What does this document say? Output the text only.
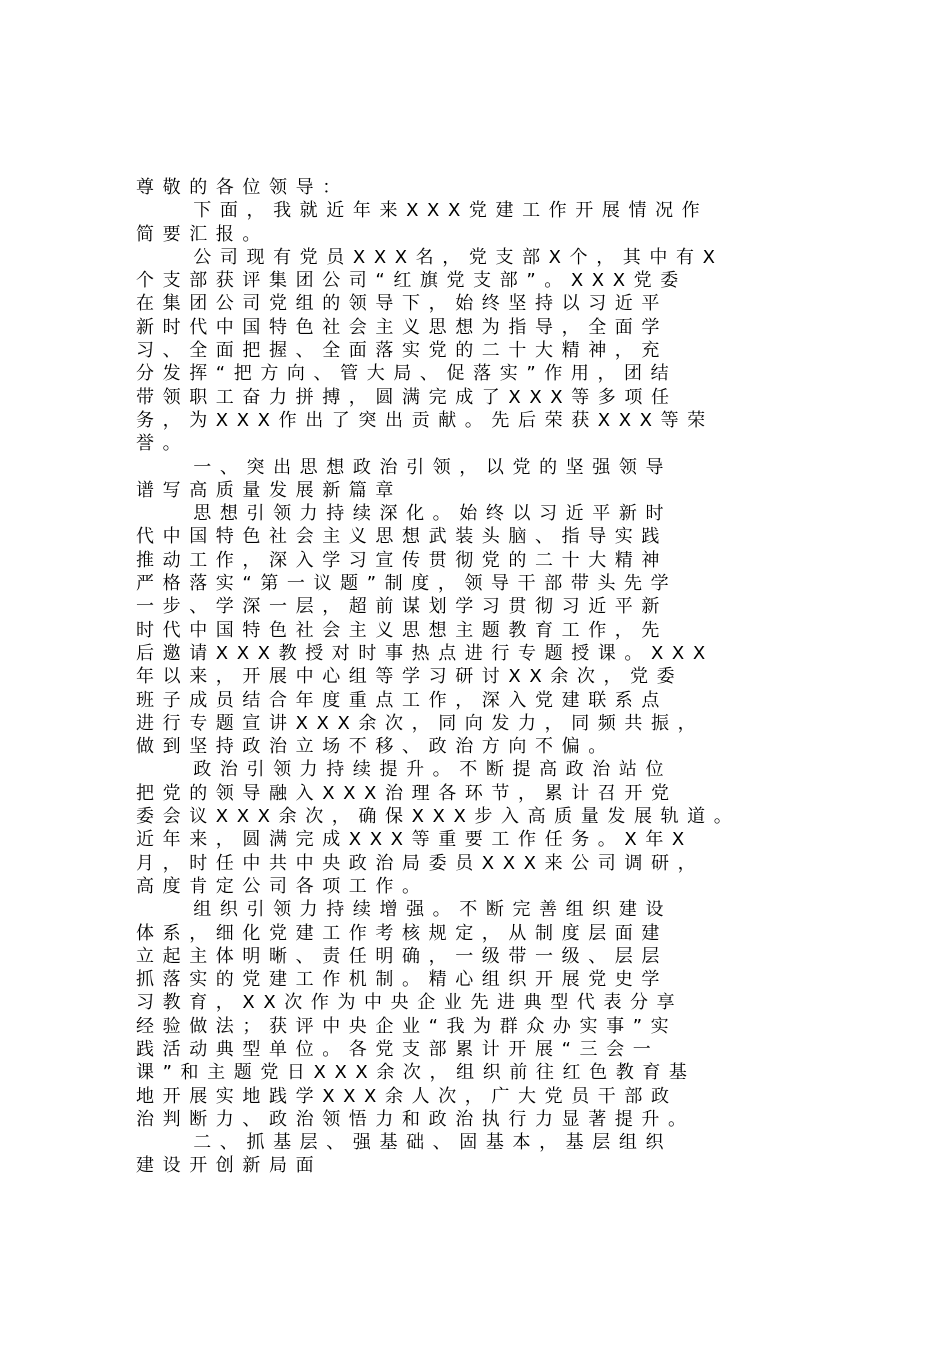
尊敬的各位领导：
下面，我就近年来XXX党建工作开展情况作
简要汇报。
公司现有党员XXX名，党支部X个，其中有X
个支部获评集团公司“红旗党支部”。XXX党委
在集团公司党组的领导下，始终坚持以习近平
新时代中国特色社会主义思想为指导，全面学
习、全面把握、全面落实党的二十大精神，充
分发挥“把方向、管大局、促落实”作用，团结
带领职工奋力拼搏，圆满完成了XXX等多项任
务，为XXX作出了突出贡献。先后荣获XXX等荣
誉。
一、突出思想政治引领，以党的坚强领导
谱写高质量发展新篇章
思想引领力持续深化。始终以习近平新时
代中国特色社会主义思想武装头脑、指导实践
推动工作，深入学习宣传贯彻党的二十大精神
严格落实“第一议题”制度，领导干部带头先学
一步、学深一层，超前谋划学习贯彻习近平新
时代中国特色社会主义思想主题教育工作，先
后邀请XXX教授对时事热点进行专题授课。XXX
年以来，开展中心组等学习研讨XX余次，党委
班子成员结合年度重点工作，深入党建联系点
进行专题宣讲XXX余次，同向发力，同频共振，
做到坚持政治立场不移、政治方向不偏。
政治引领力持续提升。不断提高政治站位
把党的领导融入XXX治理各环节，累计召开党
委会议XXX余次，确保XXX步入高质量发展轨道。
近年来，圆满完成XXX等重要工作任务。X年X
月，时任中共中央政治局委员XXX来公司调研，
高度肯定公司各项工作。
组织引领力持续增强。不断完善组织建设
体系，细化党建工作考核规定，从制度层面建
立起主体明晰、责任明确，一级带一级、层层
抓落实的党建工作机制。精心组织开展党史学
习教育，XX次作为中央企业先进典型代表分享
经验做法；获评中央企业“我为群众办实事”实
践活动典型单位。各党支部累计开展“三会一
课”和主题党日XXX余次，组织前往红色教育基
地开展实地践学XXX余人次，广大党员干部政
治判断力、政治领悟力和政治执行力显著提升。
二、抓基层、强基础、固基本，基层组织
建设开创新局面
